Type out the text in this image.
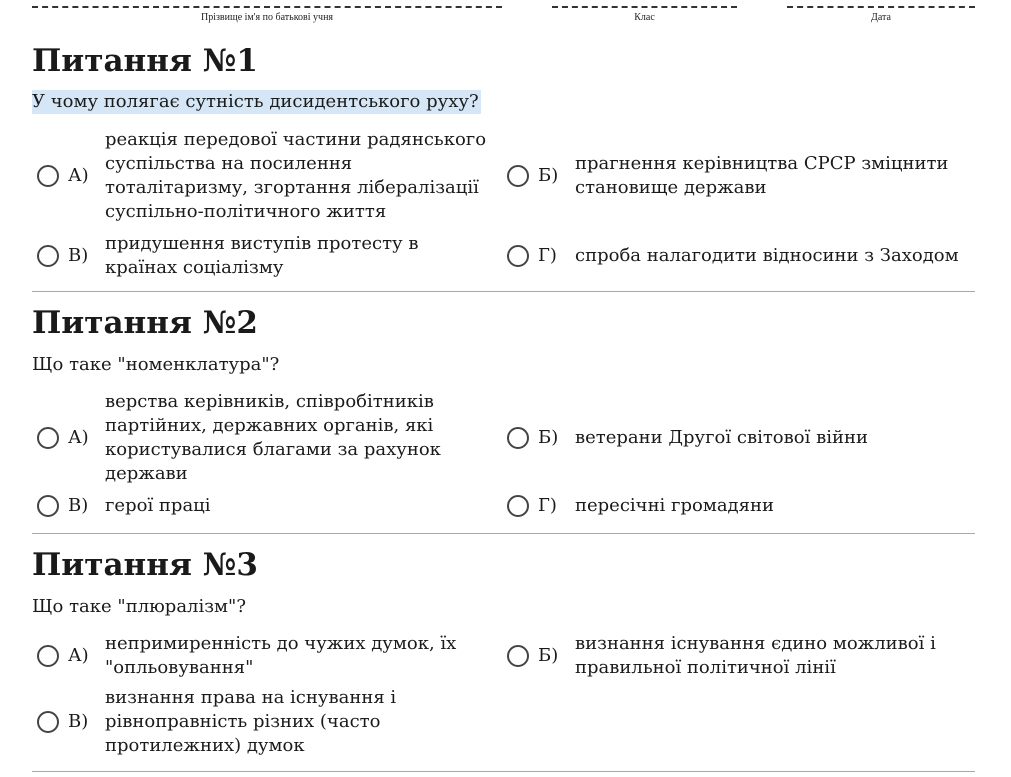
Прізвище ім'я по батькові учня	Клас	Дата
Питання №1
У чому полягає сутність дисидентського руху?
А)
реакція передової частини радянського суспільства на посилення тоталітаризму, згортання лібералізації суспільно-політичного життя
Б)
прагнення керівництва СРСР зміцнити становище держави
В)
придушення виступів протесту в країнах соціалізму
Г)	спроба налагодити відносини з Заходом
Питання №2
Що таке "номенклатура"?
А)
верства керівників, співробітників партійних, державних органів, які користувалися благами за рахунок держави
Б) ветерани Другої світової війни
В) герої праці	Г)	пересічні громадяни
Питання №3
Що таке "плюралізм"?
А)
непримиренність до чужих думок, їх "опльовування"
Б)
визнання існування єдино можливої і правильної політичної лінії
В)
визнання права на існування і рівноправність різних (часто протилежних) думок
